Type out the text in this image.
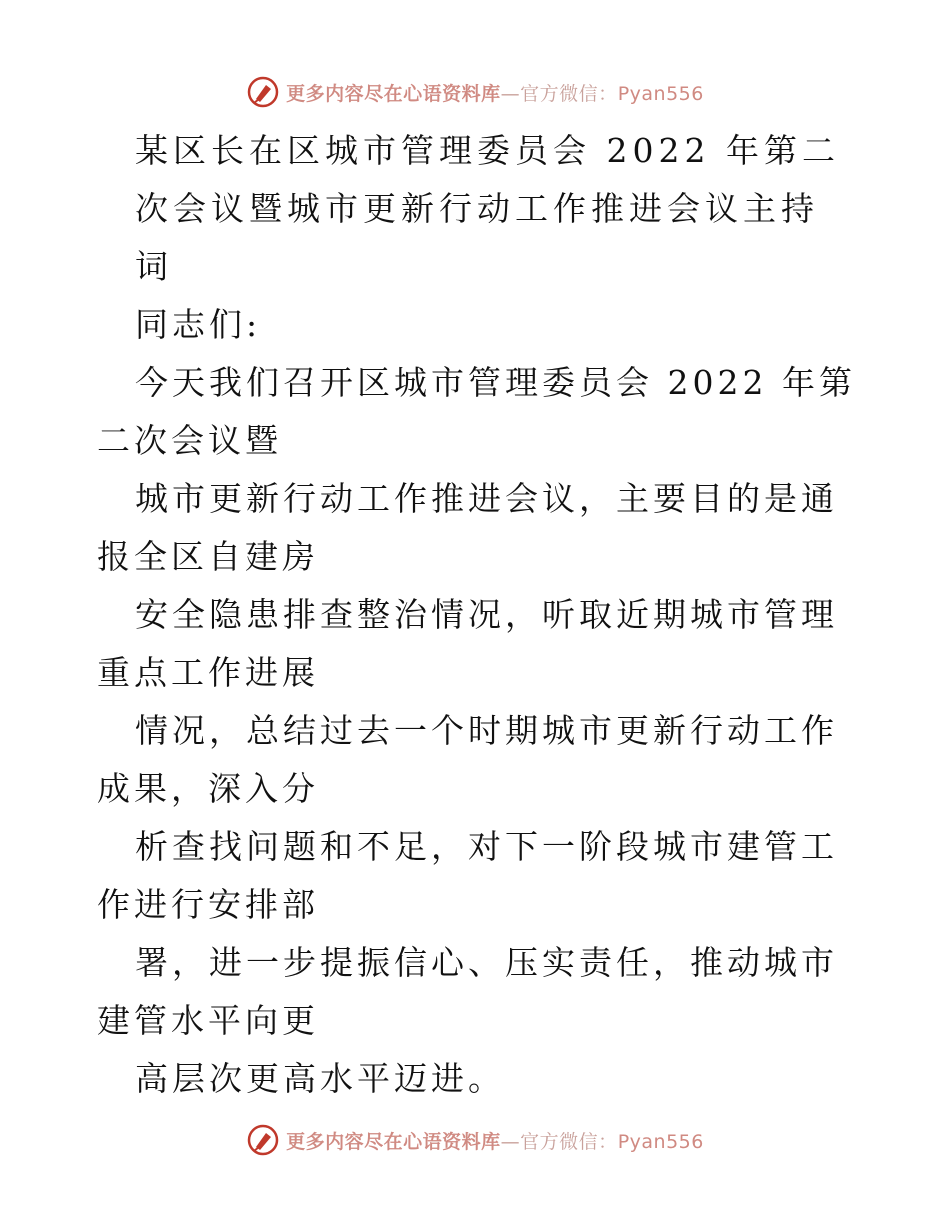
更多内容尽在心语资料库—官方微信：Pyan556

某区长在区城市管理委员会 2022 年第二

次会议暨城市更新行动工作推进会议主持

词

同志们:

今天我们召开区城市管理委员会 2022 年第二次会议暨

城市更新行动工作推进会议，主要目的是通报全区自建房

安全隐患排查整治情况，听取近期城市管理重点工作进展

情况，总结过去一个时期城市更新行动工作成果，深入分

析查找问题和不足，对下一阶段城市建管工作进行安排部

署，进一步提振信心、压实责任，推动城市建管水平向更

高层次更高水平迈进。

更多内容尽在心语资料库—官方微信：Pyan556
